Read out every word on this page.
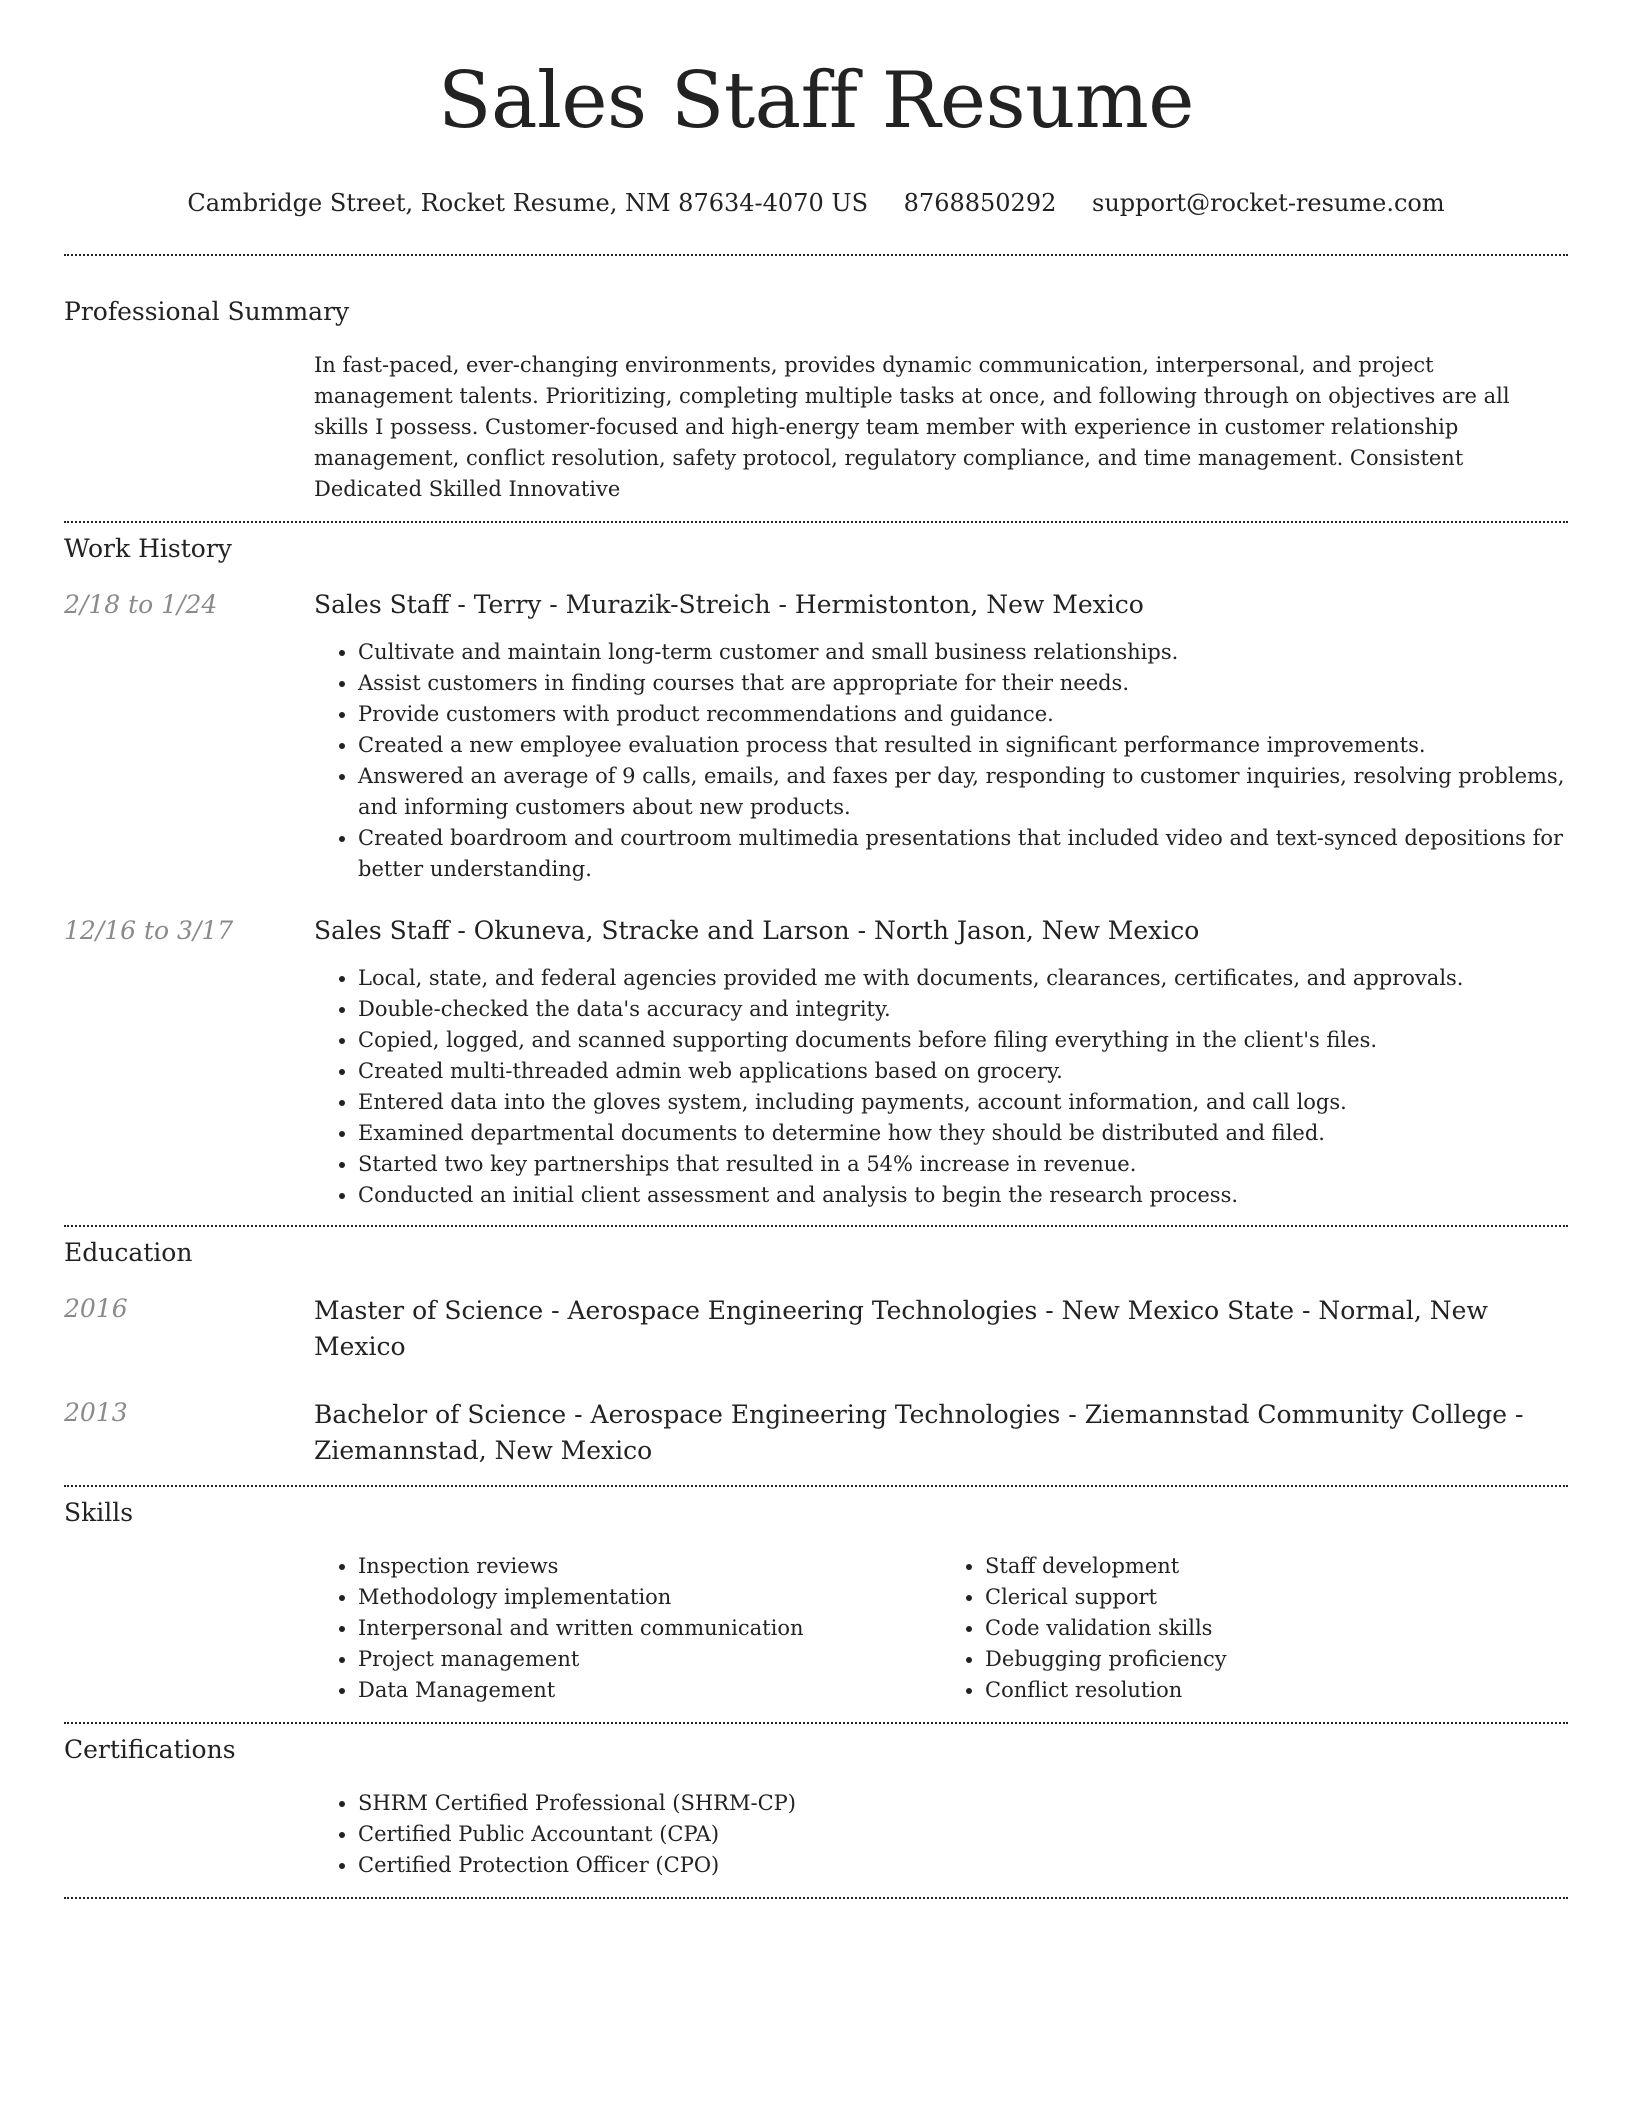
Sales Staff Resume
Cambridge Street, Rocket Resume, NM 87634-4070 US 8768850292 support@rocket-resume.com
Professional Summary

In fast-paced, ever-changing environments, provides dynamic communication, interpersonal, and project management talents. Prioritizing, completing multiple tasks at once, and following through on objectives are all skills I possess. Customer-focused and high-energy team member with experience in customer relationship management, conflict resolution, safety protocol, regulatory compliance, and time management. Consistent Dedicated Skilled Innovative

Work History
2/18 to 1/24	Sales Staff - Terry - Murazik-Streich - Hermistonton, New Mexico

• Cultivate and maintain long-term customer and small business relationships.
• Assist customers in finding courses that are appropriate for their needs.
• Provide customers with product recommendations and guidance.
• Created a new employee evaluation process that resulted in significant performance improvements.
• Answered an average of 9 calls, emails, and faxes per day, responding to customer inquiries, resolving problems, and informing customers about new products.
• Created boardroom and courtroom multimedia presentations that included video and text-synced depositions for better understanding.
12/16 to 3/17	Sales Staff - Okuneva, Stracke and Larson - North Jason, New Mexico

• Local, state, and federal agencies provided me with documents, clearances, certificates, and approvals.
• Double-checked the data's accuracy and integrity.
• Copied, logged, and scanned supporting documents before filing everything in the client's files.
• Created multi-threaded admin web applications based on grocery.
• Entered data into the gloves system, including payments, account information, and call logs.
• Examined departmental documents to determine how they should be distributed and filed.
• Started two key partnerships that resulted in a 54% increase in revenue.
• Conducted an initial client assessment and analysis to begin the research process.
Education
2016	Master of Science - Aerospace Engineering Technologies - New Mexico State - Normal, New Mexico

2013	Bachelor of Science - Aerospace Engineering Technologies - Ziemannstad Community College - Ziemannstad, New Mexico

Skills
• Inspection reviews
• Methodology implementation
• Interpersonal and written communication
• Project management
• Data Management
• Staff development
• Clerical support
• Code validation skills
• Debugging proficiency
• Conflict resolution
Certifications
• SHRM Certified Professional (SHRM-CP)
• Certified Public Accountant (CPA)
• Certified Protection Officer (CPO)
